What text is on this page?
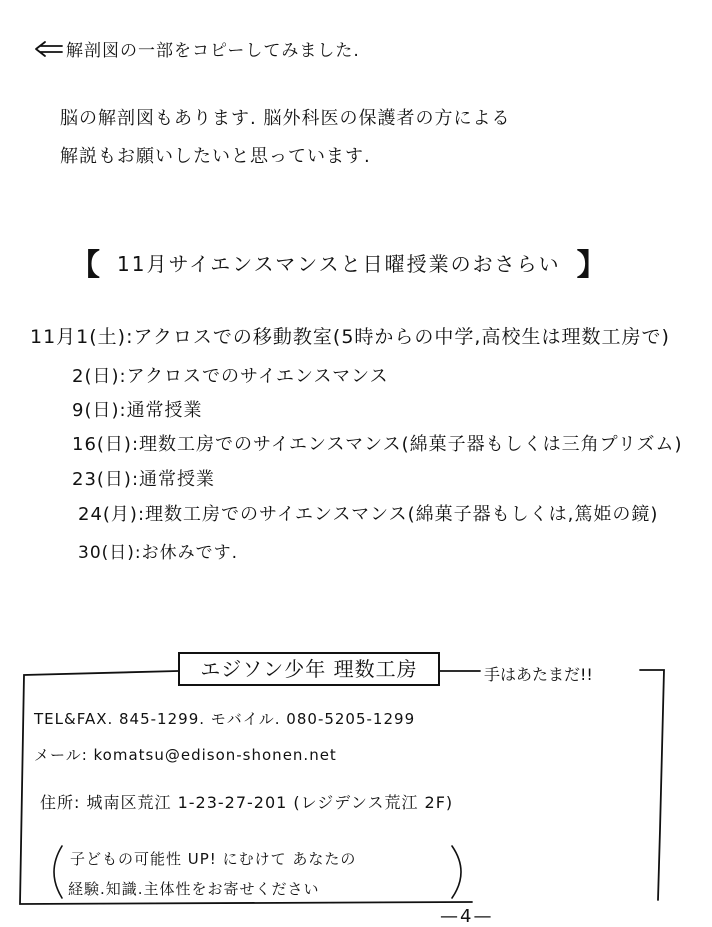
解剖図の一部をコピーしてみました.
脳の解剖図もあります. 脳外科医の保護者の方による
解説もお願いしたいと思っています.
【 11月サイエンスマンスと日曜授業のおさらい 】
11月1(土):アクロスでの移動教室(5時からの中学,高校生は理数工房で)
2(日):アクロスでのサイエンスマンス
9(日):通常授業
16(日):理数工房でのサイエンスマンス(綿菓子器もしくは三角プリズム)
23(日):通常授業
24(月):理数工房でのサイエンスマンス(綿菓子器もしくは,篤姫の鏡)
30(日):お休みです.
エジソン少年 理数工房	手はあたまだ!!
TEL&FAX. 845-1299. モバイル. 080-5205-1299
メール: komatsu@edison-shonen.net
住所: 城南区荒江 1-23-27-201 (レジデンス荒江 2F)
子どもの可能性 UP! にむけて あなたの
経験.知識.主体性をお寄せください
—4—
